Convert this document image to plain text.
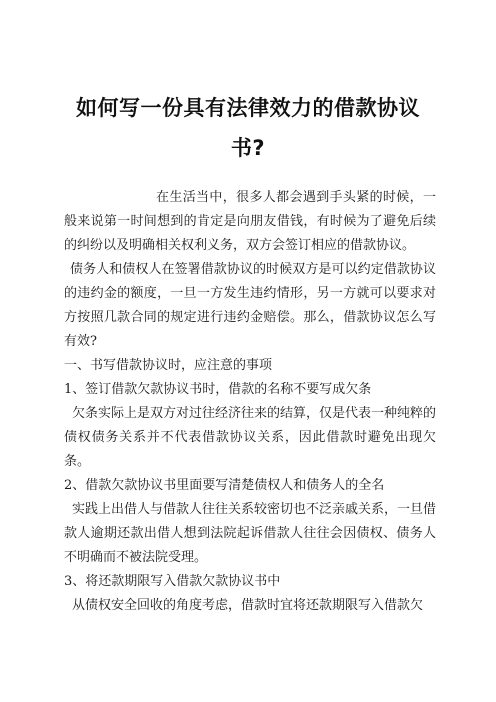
如何写一份具有法律效力的借款协议书?

在生活当中，很多人都会遇到手头紧的时候，一般来说第一时间想到的肯定是向朋友借钱，有时候为了避免后续的纠纷以及明确相关权利义务，双方会签订相应的借款协议。

债务人和债权人在签署借款协议的时候双方是可以约定借款协议的违约金的额度，一旦一方发生违约情形，另一方就可以要求对方按照几款合同的规定进行违约金赔偿。那么，借款协议怎么写有效?

一、书写借款协议时，应注意的事项

1、签订借款欠款协议书时，借款的名称不要写成欠条

欠条实际上是双方对过往经济往来的结算，仅是代表一种纯粹的债权债务关系并不代表借款协议关系，因此借款时避免出现欠条。

2、借款欠款协议书里面要写清楚债权人和债务人的全名

实践上出借人与借款人往往关系较密切也不泛亲戚关系，一旦借款人逾期还款出借人想到法院起诉借款人往往会因债权、债务人不明确而不被法院受理。

3、将还款期限写入借款欠款协议书中

从债权安全回收的角度考虑，借款时宜将还款期限写入借款欠
